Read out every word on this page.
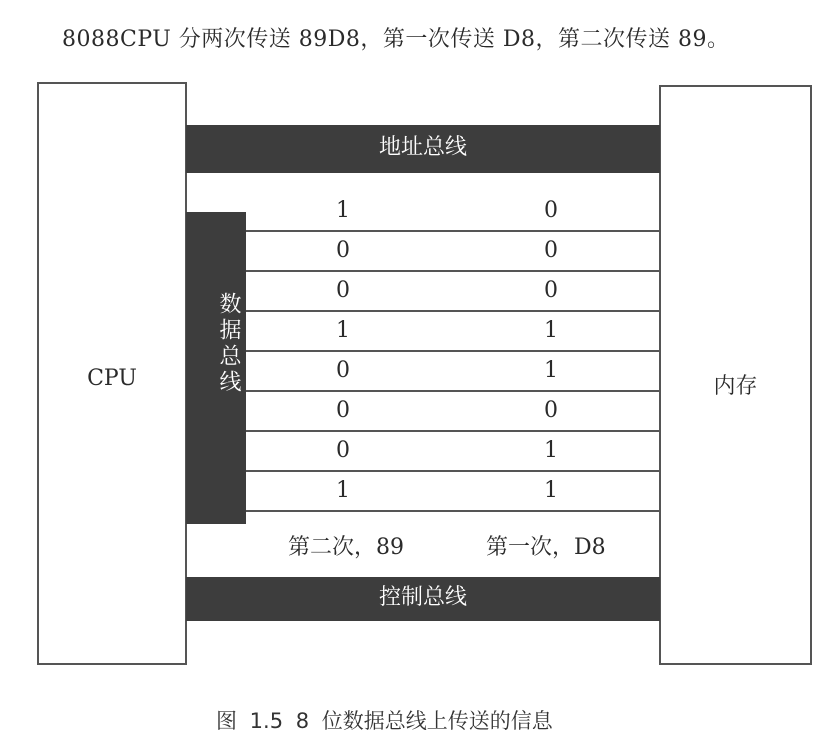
8088CPU 分两次传送 89D8，第一次传送 D8，第二次传送 89。
CPU	内存
地址总线
数据总线
1	0
0	0
0	0
1	1
0	1
0	0
0	1
1	1
第二次，89	第一次，D8
控制总线
图 1.5 8 位数据总线上传送的信息
